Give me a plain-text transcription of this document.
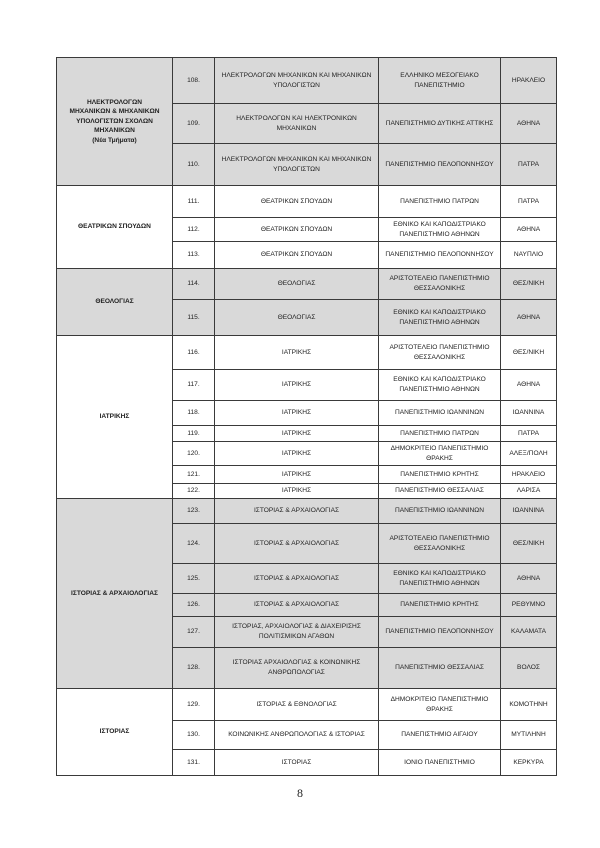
ΗΛΕΚΤΡΟΛΟΓΩΝ
ΜΗΧΑΝΙΚΩΝ & ΜΗΧΑΝΙΚΩΝ
ΥΠΟΛΟΓΙΣΤΩΝ ΣΧΟΛΩΝ
ΜΗΧΑΝΙΚΩΝ
(Νέα Τμήματα)	108.	ΗΛΕΚΤΡΟΛΟΓΩΝ ΜΗΧΑΝΙΚΩΝ ΚΑΙ ΜΗΧΑΝΙΚΩΝ ΥΠΟΛΟΓΙΣΤΩΝ	ΕΛΛΗΝΙΚΟ ΜΕΣΟΓΕΙΑΚΟ ΠΑΝΕΠΙΣΤΗΜΙΟ	ΗΡΑΚΛΕΙΟ
	109.	ΗΛΕΚΤΡΟΛΟΓΩΝ ΚΑΙ ΗΛΕΚΤΡΟΝΙΚΩΝ ΜΗΧΑΝΙΚΩΝ	ΠΑΝΕΠΙΣΤΗΜΙΟ ΔΥΤΙΚΗΣ ΑΤΤΙΚΗΣ	ΑΘΗΝΑ
	110.	ΗΛΕΚΤΡΟΛΟΓΩΝ ΜΗΧΑΝΙΚΩΝ ΚΑΙ ΜΗΧΑΝΙΚΩΝ ΥΠΟΛΟΓΙΣΤΩΝ	ΠΑΝΕΠΙΣΤΗΜΙΟ ΠΕΛΟΠΟΝΝΗΣΟΥ	ΠΑΤΡΑ

ΘΕΑΤΡΙΚΩΝ ΣΠΟΥΔΩΝ	111.	ΘΕΑΤΡΙΚΩΝ ΣΠΟΥΔΩΝ	ΠΑΝΕΠΙΣΤΗΜΙΟ ΠΑΤΡΩΝ	ΠΑΤΡΑ
	112.	ΘΕΑΤΡΙΚΩΝ ΣΠΟΥΔΩΝ	ΕΘΝΙΚΟ ΚΑΙ ΚΑΠΟΔΙΣΤΡΙΑΚΟ ΠΑΝΕΠΙΣΤΗΜΙΟ ΑΘΗΝΩΝ	ΑΘΗΝΑ
	113.	ΘΕΑΤΡΙΚΩΝ ΣΠΟΥΔΩΝ	ΠΑΝΕΠΙΣΤΗΜΙΟ ΠΕΛΟΠΟΝΝΗΣΟΥ	ΝΑΥΠΛΙΟ

ΘΕΟΛΟΓΙΑΣ	114.	ΘΕΟΛΟΓΙΑΣ	ΑΡΙΣΤΟΤΕΛΕΙΟ ΠΑΝΕΠΙΣΤΗΜΙΟ ΘΕΣΣΑΛΟΝΙΚΗΣ	ΘΕΣ/ΝΙΚΗ
	115.	ΘΕΟΛΟΓΙΑΣ	ΕΘΝΙΚΟ ΚΑΙ ΚΑΠΟΔΙΣΤΡΙΑΚΟ ΠΑΝΕΠΙΣΤΗΜΙΟ ΑΘΗΝΩΝ	ΑΘΗΝΑ

ΙΑΤΡΙΚΗΣ	116.	ΙΑΤΡΙΚΗΣ	ΑΡΙΣΤΟΤΕΛΕΙΟ ΠΑΝΕΠΙΣΤΗΜΙΟ ΘΕΣΣΑΛΟΝΙΚΗΣ	ΘΕΣ/ΝΙΚΗ
	117.	ΙΑΤΡΙΚΗΣ	ΕΘΝΙΚΟ ΚΑΙ ΚΑΠΟΔΙΣΤΡΙΑΚΟ ΠΑΝΕΠΙΣΤΗΜΙΟ ΑΘΗΝΩΝ	ΑΘΗΝΑ
	118.	ΙΑΤΡΙΚΗΣ	ΠΑΝΕΠΙΣΤΗΜΙΟ ΙΩΑΝΝΙΝΩΝ	ΙΩΑΝΝΙΝΑ
	119.	ΙΑΤΡΙΚΗΣ	ΠΑΝΕΠΙΣΤΗΜΙΟ ΠΑΤΡΩΝ	ΠΑΤΡΑ
	120.	ΙΑΤΡΙΚΗΣ	ΔΗΜΟΚΡΙΤΕΙΟ ΠΑΝΕΠΙΣΤΗΜΙΟ ΘΡΑΚΗΣ	ΑΛΕΞ/ΠΟΛΗ
	121.	ΙΑΤΡΙΚΗΣ	ΠΑΝΕΠΙΣΤΗΜΙΟ ΚΡΗΤΗΣ	ΗΡΑΚΛΕΙΟ
	122.	ΙΑΤΡΙΚΗΣ	ΠΑΝΕΠΙΣΤΗΜΙΟ ΘΕΣΣΑΛΙΑΣ	ΛΑΡΙΣΑ

ΙΣΤΟΡΙΑΣ & ΑΡΧΑΙΟΛΟΓΙΑΣ	123.	ΙΣΤΟΡΙΑΣ & ΑΡΧΑΙΟΛΟΓΙΑΣ	ΠΑΝΕΠΙΣΤΗΜΙΟ ΙΩΑΝΝΙΝΩΝ	ΙΩΑΝΝΙΝΑ
	124.	ΙΣΤΟΡΙΑΣ & ΑΡΧΑΙΟΛΟΓΙΑΣ	ΑΡΙΣΤΟΤΕΛΕΙΟ ΠΑΝΕΠΙΣΤΗΜΙΟ ΘΕΣΣΑΛΟΝΙΚΗΣ	ΘΕΣ/ΝΙΚΗ
	125.	ΙΣΤΟΡΙΑΣ & ΑΡΧΑΙΟΛΟΓΙΑΣ	ΕΘΝΙΚΟ ΚΑΙ ΚΑΠΟΔΙΣΤΡΙΑΚΟ ΠΑΝΕΠΙΣΤΗΜΙΟ ΑΘΗΝΩΝ	ΑΘΗΝΑ
	126.	ΙΣΤΟΡΙΑΣ & ΑΡΧΑΙΟΛΟΓΙΑΣ	ΠΑΝΕΠΙΣΤΗΜΙΟ ΚΡΗΤΗΣ	ΡΕΘΥΜΝΟ
	127.	ΙΣΤΟΡΙΑΣ, ΑΡΧΑΙΟΛΟΓΙΑΣ & ΔΙΑΧΕΙΡΙΣΗΣ ΠΟΛΙΤΙΣΜΙΚΩΝ ΑΓΑΘΩΝ	ΠΑΝΕΠΙΣΤΗΜΙΟ ΠΕΛΟΠΟΝΝΗΣΟΥ	ΚΑΛΑΜΑΤΑ
	128.	ΙΣΤΟΡΙΑΣ ΑΡΧΑΙΟΛΟΓΙΑΣ & ΚΟΙΝΩΝΙΚΗΣ ΑΝΘΡΩΠΟΛΟΓΙΑΣ	ΠΑΝΕΠΙΣΤΗΜΙΟ ΘΕΣΣΑΛΙΑΣ	ΒΟΛΟΣ

ΙΣΤΟΡΙΑΣ	129.	ΙΣΤΟΡΙΑΣ & ΕΘΝΟΛΟΓΙΑΣ	ΔΗΜΟΚΡΙΤΕΙΟ ΠΑΝΕΠΙΣΤΗΜΙΟ ΘΡΑΚΗΣ	ΚΟΜΟΤΗΝΗ
	130.	ΚΟΙΝΩΝΙΚΗΣ ΑΝΘΡΩΠΟΛΟΓΙΑΣ & ΙΣΤΟΡΙΑΣ	ΠΑΝΕΠΙΣΤΗΜΙΟ ΑΙΓΑΙΟΥ	ΜΥΤΙΛΗΝΗ
	131.	ΙΣΤΟΡΙΑΣ	ΙΟΝΙΟ ΠΑΝΕΠΙΣΤΗΜΙΟ	ΚΕΡΚΥΡΑ
8
